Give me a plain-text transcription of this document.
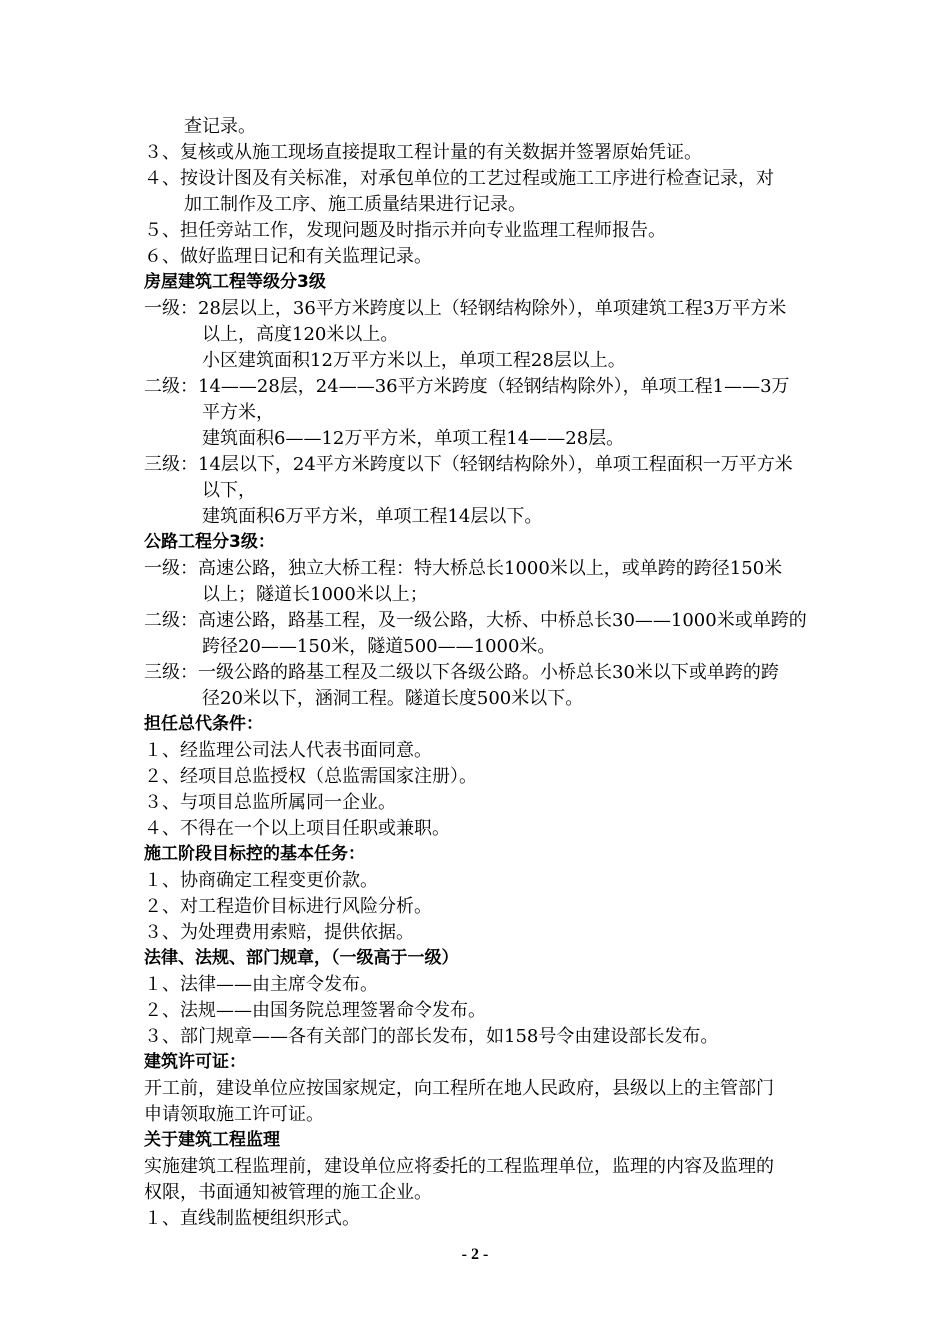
查记录。
３、复核或从施工现场直接提取工程计量的有关数据并签署原始凭证。
４、按设计图及有关标准，对承包单位的工艺过程或施工工序进行检查记录，对
加工制作及工序、施工质量结果进行记录。
５、担任旁站工作，发现问题及时指示并向专业监理工程师报告。
６、做好监理日记和有关监理记录。
房屋建筑工程等级分3级
一级：28层以上，36平方米跨度以上（轻钢结构除外），单项建筑工程3万平方米
以上，高度120米以上。
小区建筑面积12万平方米以上，单项工程28层以上。
二级：14——28层，24——36平方米跨度（轻钢结构除外），单项工程1——3万
平方米，
建筑面积6——12万平方米，单项工程14——28层。
三级：14层以下，24平方米跨度以下（轻钢结构除外），单项工程面积一万平方米
以下，
建筑面积6万平方米，单项工程14层以下。
公路工程分3级：
一级：高速公路，独立大桥工程：特大桥总长1000米以上，或单跨的跨径150米
以上；隧道长1000米以上；
二级：高速公路，路基工程，及一级公路，大桥、中桥总长30——1000米或单跨的
跨径20——150米，隧道500——1000米。
三级：一级公路的路基工程及二级以下各级公路。小桥总长30米以下或单跨的跨
径20米以下，涵洞工程。隧道长度500米以下。
担任总代条件：
１、经监理公司法人代表书面同意。
２、经项目总监授权（总监需国家注册）。
３、与项目总监所属同一企业。
４、不得在一个以上项目任职或兼职。
施工阶段目标控的基本任务：
１、协商确定工程变更价款。
２、对工程造价目标进行风险分析。
３、为处理费用索赔，提供依据。
法律、法规、部门规章，（一级高于一级）
１、法律——由主席令发布。
２、法规——由国务院总理签署命令发布。
３、部门规章——各有关部门的部长发布，如158号令由建设部长发布。
建筑许可证：
开工前，建设单位应按国家规定，向工程所在地人民政府，县级以上的主管部门
申请领取施工许可证。
关于建筑工程监理
实施建筑工程监理前，建设单位应将委托的工程监理单位，监理的内容及监理的
权限，书面通知被管理的施工企业。
１、直线制监梗组织形式。
- 2 -
